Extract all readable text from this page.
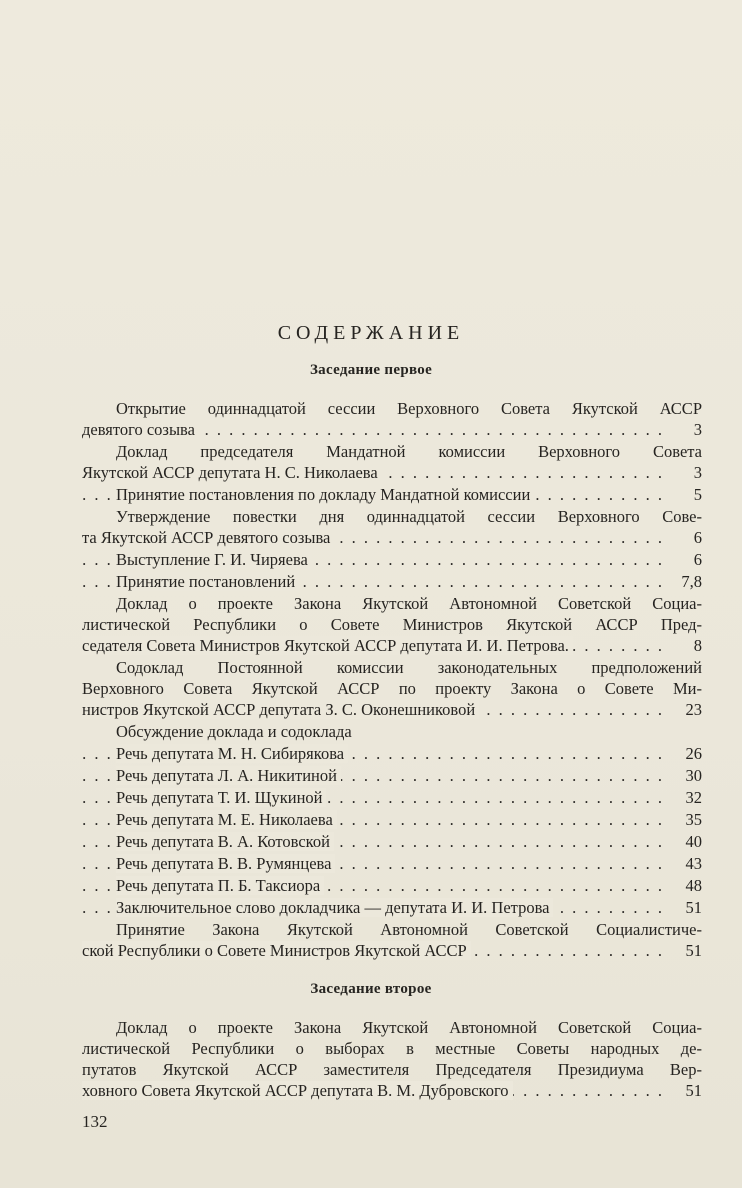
СОДЕРЖАНИЕ
Заседание первое
Открытие одиннадцатой сессии Верховного Совета Якутской АССР
девятого созыва	3
. . .
Доклад председателя Мандатной комиссии Верховного Совета
Якутской АССР депутата Н. С. Николаева	3
. . .
Принятие постановления по докладу Мандатной комиссии	5
. . .
Утверждение повестки дня одиннадцатой сессии Верховного Сове-
та Якутской АССР девятого созыва	6
. . .
Выступление Г. И. Чиряева	6
. . .
Принятие постановлений	7,8
. . .
Доклад о проекте Закона Якутской Автономной Советской Социа-
листической Республики о Совете Министров Якутской АССР Пред-
седателя Совета Министров Якутской АССР депутата И. И. Петрова.	8
. . .
Содоклад Постоянной комиссии законодательных предположений
Верховного Совета Якутской АССР по проекту Закона о Совете Ми-
нистров Якутской АССР депутата З. С. Оконешниковой	23
. . .
Обсуждение доклада и содоклада
Речь депутата М. Н. Сибирякова	26
. . .
Речь депутата Л. А. Никитиной	30
. . .
Речь депутата Т. И. Щукиной	32
. . .
Речь депутата М. Е. Николаева	35
. . .
Речь депутата В. А. Котовской	40
. . .
Речь депутата В. В. Румянцева	43
. . .
Речь депутата П. Б. Таксиора	48
. . .
Заключительное слово докладчика — депутата И. И. Петрова	51
. . .
Принятие Закона Якутской Автономной Советской Социалистиче-
ской Республики о Совете Министров Якутской АССР	51
. . .
Заседание второе
Доклад о проекте Закона Якутской Автономной Советской Социа-
листической Республики о выборах в местные Советы народных де-
путатов Якутской АССР заместителя Председателя Президиума Вер-
ховного Совета Якутской АССР депутата В. М. Дубровского	51
. . .
132
